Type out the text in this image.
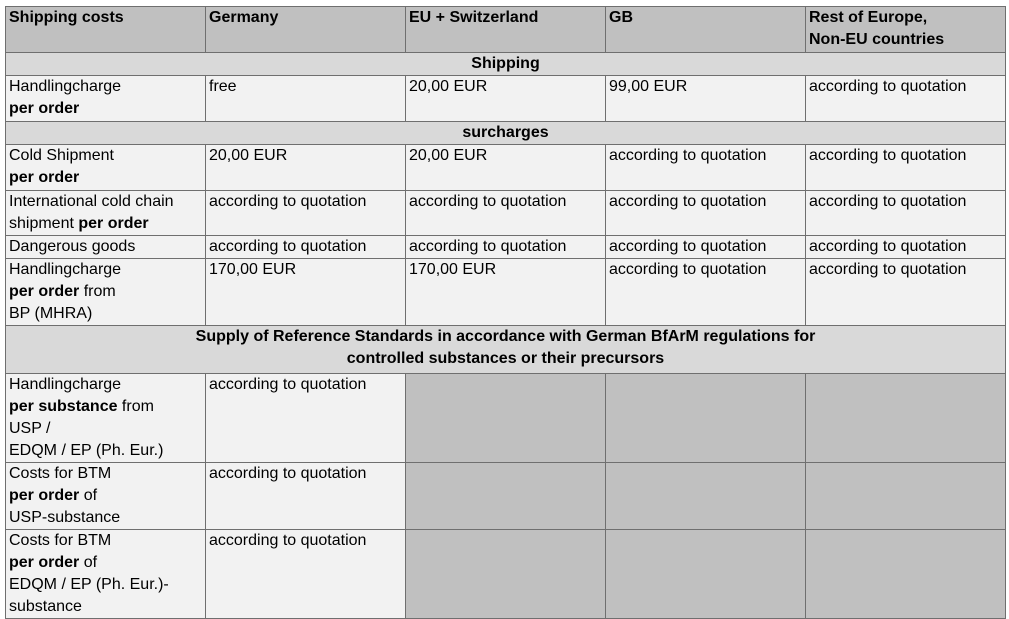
Shipping costs	Germany	EU + Switzerland	GB	Rest of Europe,
Non-EU countries

Shipping				

Handlingcharge
per order	free	20,00 EUR	99,00 EUR	according to quotation
surcharges				

Cold Shipment
per order	20,00 EUR	20,00 EUR	according to quotation	according to quotation

International cold chain
shipment per order	according to quotation	according to quotation	according to quotation	according to quotation
Dangerous goods	according to quotation	according to quotation	according to quotation	according to quotation

Handlingcharge
per order from
BP (MHRA)	170,00 EUR	170,00 EUR	according to quotation	according to quotation

Supply of Reference Standards in accordance with German BfArM regulations for
controlled substances or their precursors				

Handlingcharge
per substance from
USP /
EDQM / EP (Ph. Eur.)	according to quotation			

Costs for BTM
per order of
USP-substance	according to quotation			

Costs for BTM
per order of
EDQM / EP (Ph. Eur.)-
substance	according to quotation			
